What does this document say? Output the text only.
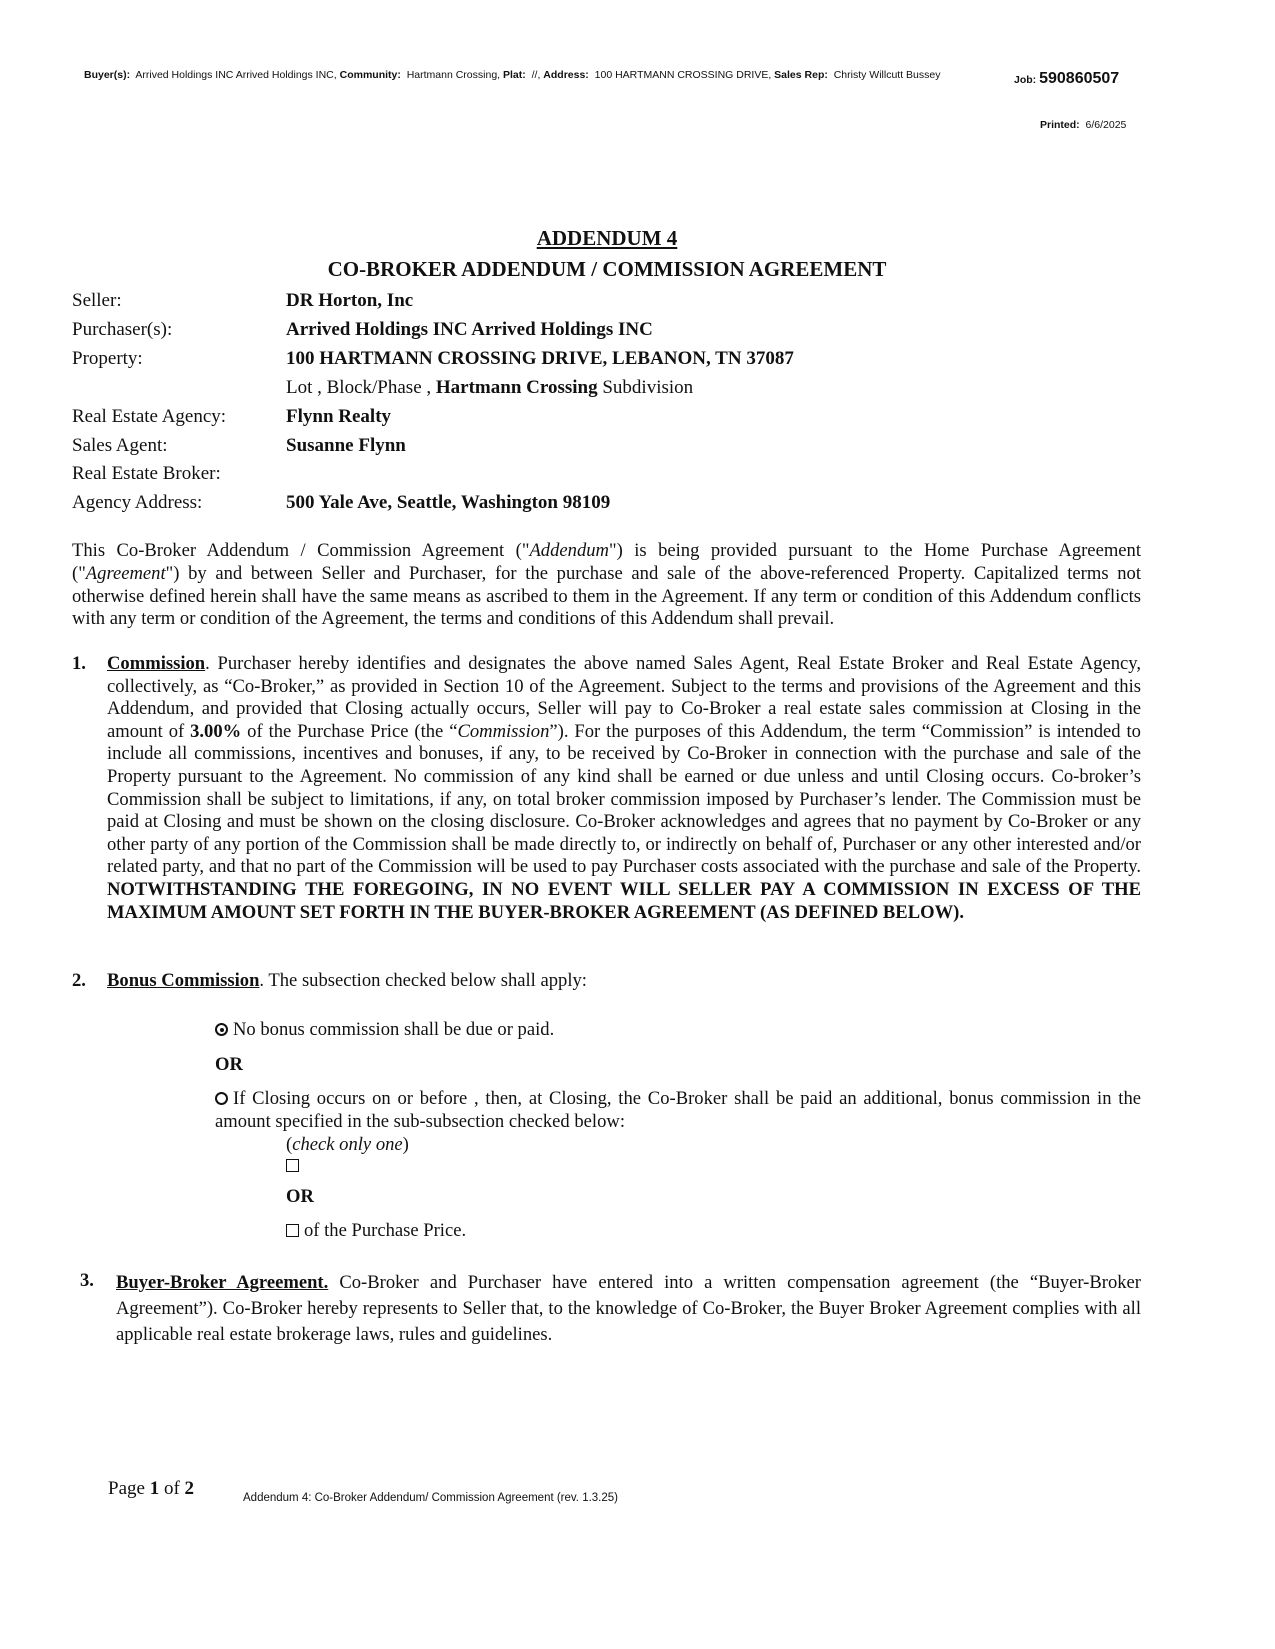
Buyer(s): Arrived Holdings INC Arrived Holdings INC, Community: Hartmann Crossing, Plat: //, Address: 100 HARTMANN CROSSING DRIVE, Sales Rep: Christy Willcutt Bussey	Job: 590860507
Printed: 6/6/2025
ADDENDUM 4
CO-BROKER ADDENDUM / COMMISSION AGREEMENT
Seller:	DR Horton, Inc
Purchaser(s):	Arrived Holdings INC Arrived Holdings INC
Property:	100 HARTMANN CROSSING DRIVE, LEBANON, TN 37087
Lot , Block/Phase , Hartmann Crossing Subdivision
Real Estate Agency:	Flynn Realty
Sales Agent:	Susanne Flynn
Real Estate Broker:
Agency Address:	500 Yale Ave, Seattle, Washington 98109
This Co-Broker Addendum / Commission Agreement ("Addendum") is being provided pursuant to the Home Purchase Agreement ("Agreement") by and between Seller and Purchaser, for the purchase and sale of the above-referenced Property. Capitalized terms not otherwise defined herein shall have the same means as ascribed to them in the Agreement. If any term or condition of this Addendum conflicts with any term or condition of the Agreement, the terms and conditions of this Addendum shall prevail.
1. Commission. Purchaser hereby identifies and designates the above named Sales Agent, Real Estate Broker and Real Estate Agency, collectively, as “Co-Broker,” as provided in Section 10 of the Agreement. Subject to the terms and provisions of the Agreement and this Addendum, and provided that Closing actually occurs, Seller will pay to Co-Broker a real estate sales commission at Closing in the amount of 3.00% of the Purchase Price (the “Commission”). For the purposes of this Addendum, the term “Commission” is intended to include all commissions, incentives and bonuses, if any, to be received by Co-Broker in connection with the purchase and sale of the Property pursuant to the Agreement. No commission of any kind shall be earned or due unless and until Closing occurs. Co-broker’s Commission shall be subject to limitations, if any, on total broker commission imposed by Purchaser’s lender. The Commission must be paid at Closing and must be shown on the closing disclosure. Co-Broker acknowledges and agrees that no payment by Co-Broker or any other party of any portion of the Commission shall be made directly to, or indirectly on behalf of, Purchaser or any other interested and/or related party, and that no part of the Commission will be used to pay Purchaser costs associated with the purchase and sale of the Property. NOTWITHSTANDING THE FOREGOING, IN NO EVENT WILL SELLER PAY A COMMISSION IN EXCESS OF THE MAXIMUM AMOUNT SET FORTH IN THE BUYER-BROKER AGREEMENT (AS DEFINED BELOW).
2. Bonus Commission. The subsection checked below shall apply:
No bonus commission shall be due or paid.
OR
If Closing occurs on or before , then, at Closing, the Co-Broker shall be paid an additional, bonus commission in the amount specified in the sub-subsection checked below:
(check only one)
OR
of the Purchase Price.
3. Buyer-Broker Agreement. Co-Broker and Purchaser have entered into a written compensation agreement (the “Buyer-Broker Agreement”). Co-Broker hereby represents to Seller that, to the knowledge of Co-Broker, the Buyer Broker Agreement complies with all applicable real estate brokerage laws, rules and guidelines.
Page 1 of 2	Addendum 4: Co-Broker Addendum/ Commission Agreement (rev. 1.3.25)
